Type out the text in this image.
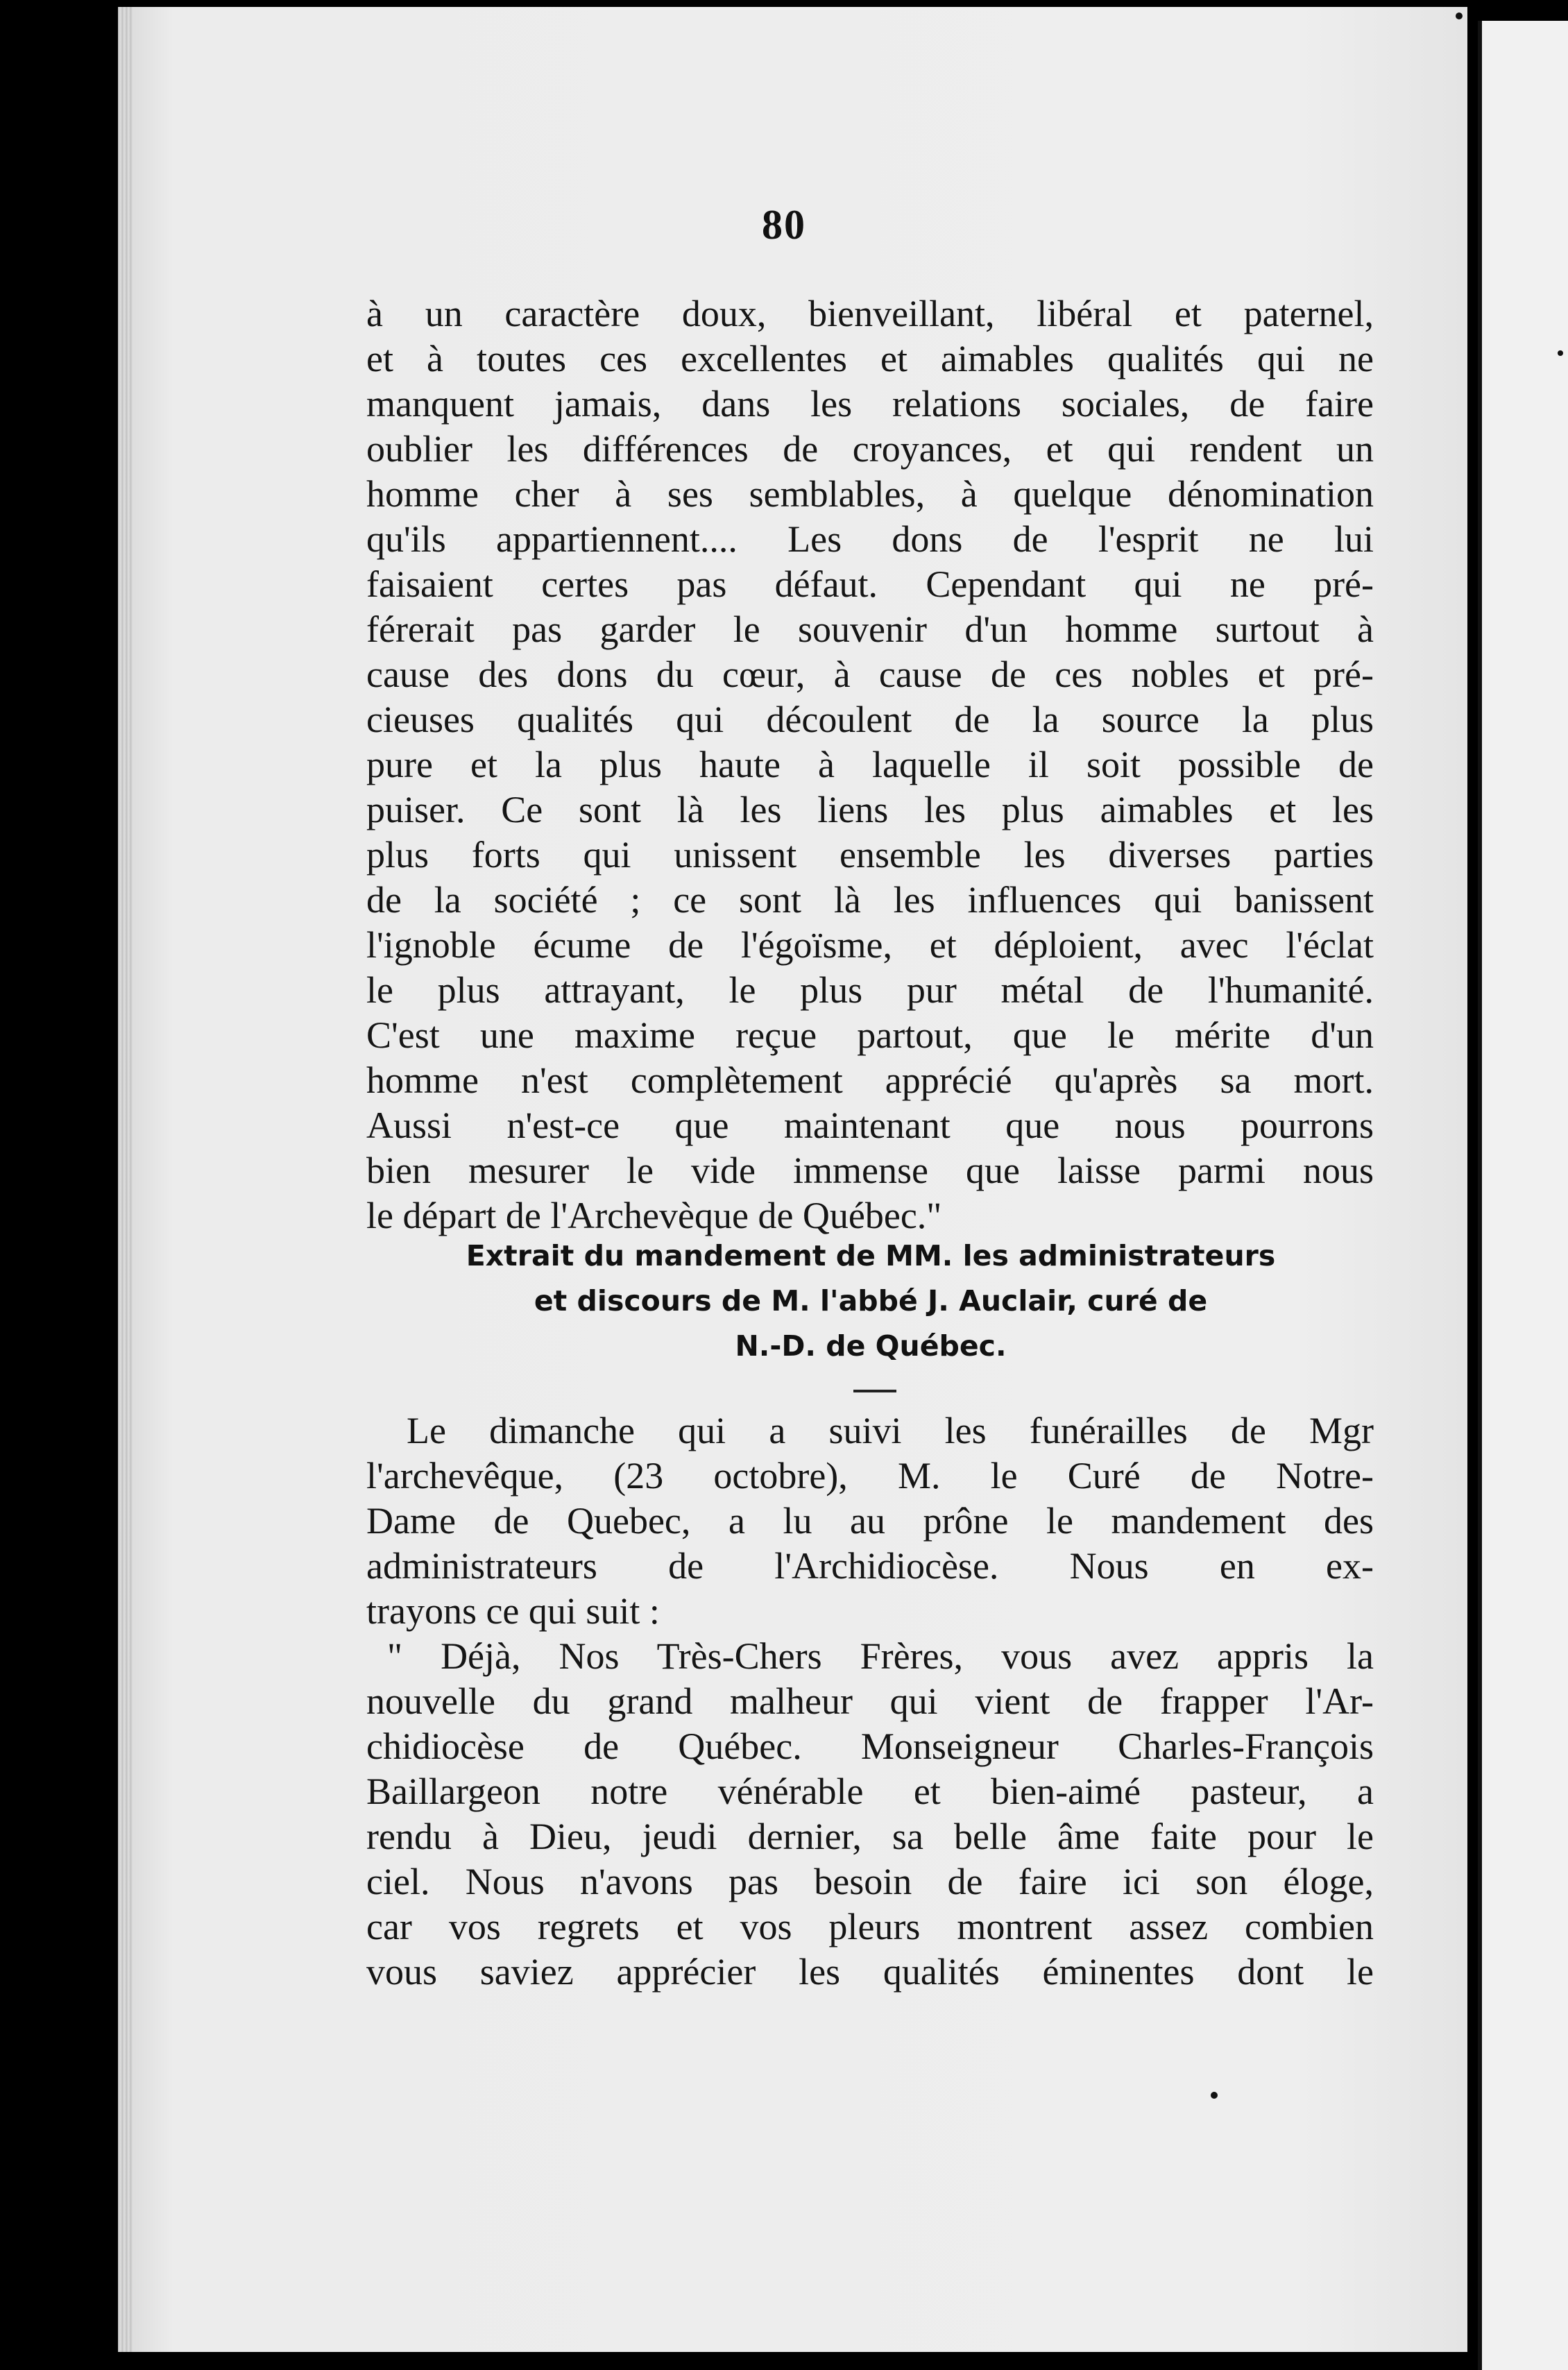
80
à un caractère doux, bienveillant, libéral et paternel,
et à toutes ces excellentes et aimables qualités qui ne
manquent jamais, dans les relations sociales, de faire
oublier les différences de croyances, et qui rendent un
homme cher à ses semblables, à quelque dénomination
qu'ils appartiennent.... Les dons de l'esprit ne lui
faisaient certes pas défaut. Cependant qui ne pré-
férerait pas garder le souvenir d'un homme surtout à
cause des dons du cœur, à cause de ces nobles et pré-
cieuses qualités qui découlent de la source la plus
pure et la plus haute à laquelle il soit possible de
puiser. Ce sont là les liens les plus aimables et les
plus forts qui unissent ensemble les diverses parties
de la société ; ce sont là les influences qui banissent
l'ignoble écume de l'égoïsme, et déploient, avec l'éclat
le plus attrayant, le plus pur métal de l'humanité.
C'est une maxime reçue partout, que le mérite d'un
homme n'est complètement apprécié qu'après sa mort.
Aussi n'est-ce que maintenant que nous pourrons
bien mesurer le vide immense que laisse parmi nous
le départ de l'Archevèque de Québec."
Extrait du mandement de MM. les administrateurs
et discours de M. l'abbé J. Auclair, curé de
N.-D. de Québec.
Le dimanche qui a suivi les funérailles de Mgr
l'archevêque, (23 octobre), M. le Curé de Notre-
Dame de Quebec, a lu au prône le mandement des
administrateurs de l'Archidiocèse. Nous en ex-
trayons ce qui suit :
" Déjà, Nos Très-Chers Frères, vous avez appris la
nouvelle du grand malheur qui vient de frapper l'Ar-
chidiocèse de Québec. Monseigneur Charles-François
Baillargeon notre vénérable et bien-aimé pasteur, a
rendu à Dieu, jeudi dernier, sa belle âme faite pour le
ciel. Nous n'avons pas besoin de faire ici son éloge,
car vos regrets et vos pleurs montrent assez combien
vous saviez apprécier les qualités éminentes dont le
